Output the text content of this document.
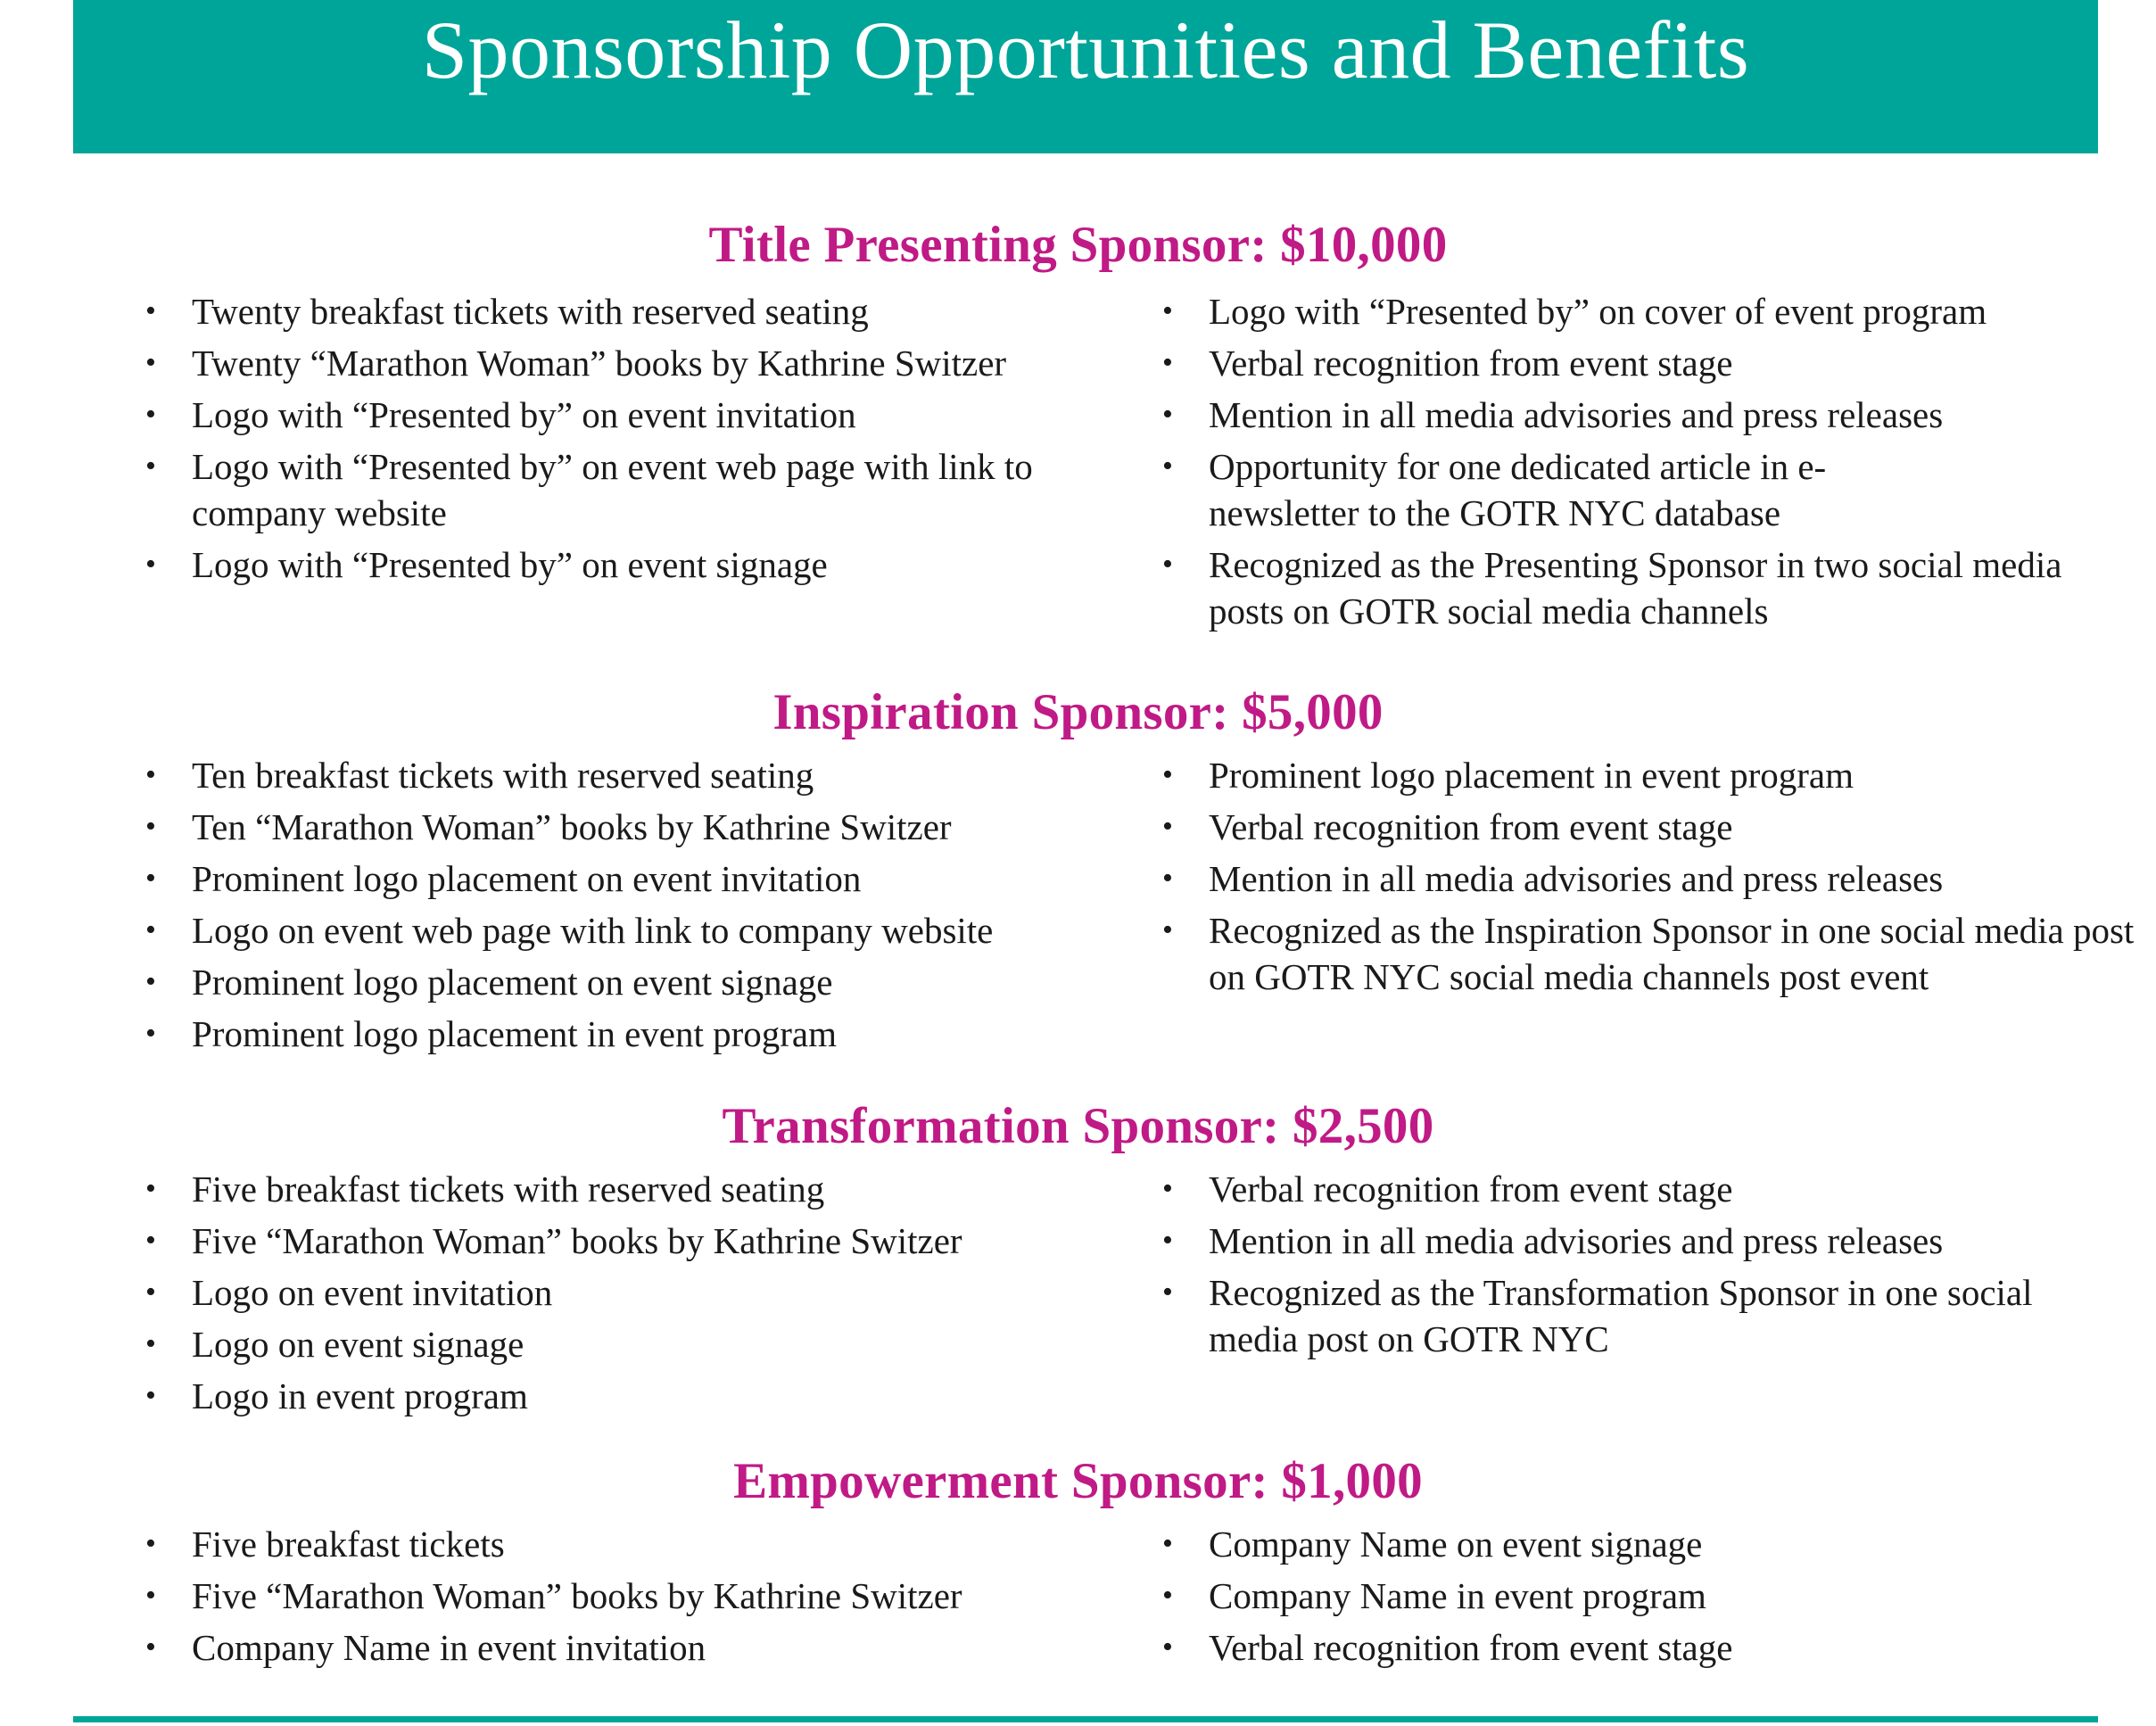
Sponsorship Opportunities and Benefits
Title Presenting Sponsor: $10,000
• Twenty breakfast tickets with reserved seating
• Twenty “Marathon Woman” books by Kathrine Switzer
• Logo with “Presented by” on event invitation
• Logo with “Presented by” on event web page with link to company website
• Logo with “Presented by” on event signage
• Logo with “Presented by” on cover of event program
• Verbal recognition from event stage
• Mention in all media advisories and press releases
• Opportunity for one dedicated article in e-newsletter to the GOTR NYC database
• Recognized as the Presenting Sponsor in two social media posts on GOTR social media channels
Inspiration Sponsor: $5,000
• Ten breakfast tickets with reserved seating
• Ten “Marathon Woman” books by Kathrine Switzer
• Prominent logo placement on event invitation
• Logo on event web page with link to company website
• Prominent logo placement on event signage
• Prominent logo placement in event program
• Prominent logo placement in event program
• Verbal recognition from event stage
• Mention in all media advisories and press releases
• Recognized as the Inspiration Sponsor in one social media post on GOTR NYC social media channels post event
Transformation Sponsor: $2,500
• Five breakfast tickets with reserved seating
• Five “Marathon Woman” books by Kathrine Switzer
• Logo on event invitation
• Logo on event signage
• Logo in event program
• Verbal recognition from event stage
• Mention in all media advisories and press releases
• Recognized as the Transformation Sponsor in one social media post on GOTR NYC
Empowerment Sponsor: $1,000
• Five breakfast tickets
• Five “Marathon Woman” books by Kathrine Switzer
• Company Name in event invitation
• Company Name on event signage
• Company Name in event program
• Verbal recognition from event stage
